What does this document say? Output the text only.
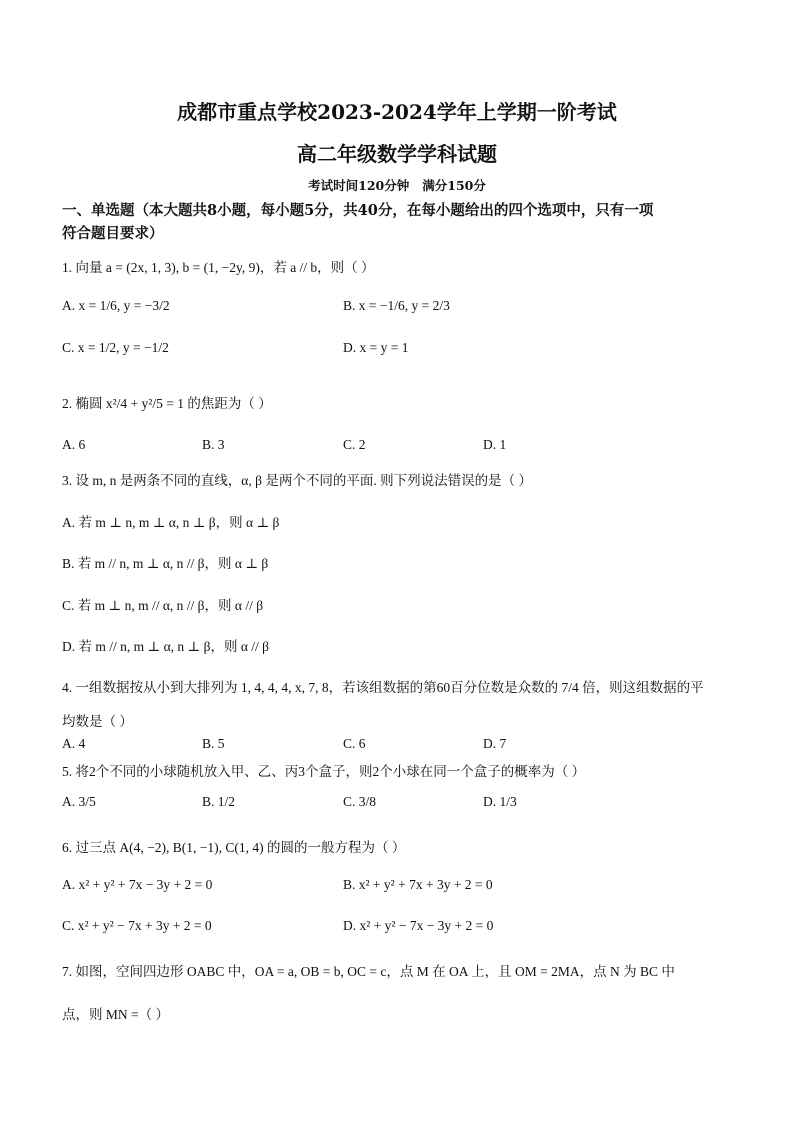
成都市重点学校2023-2024学年上学期一阶考试
高二年级数学学科试题
考试时间120分钟   满分150分
一、单选题（本大题共8小题，每小题5分，共40分，在每小题给出的四个选项中，只有一项
符合题目要求）
1. 向量 a = (2x, 1, 3), b = (1, −2y, 9)，若 a // b，则（ ）
A. x = 1/6, y = −3/2	B. x = −1/6, y = 2/3
C. x = 1/2, y = −1/2	D. x = y = 1
2. 椭圆 x²/4 + y²/5 = 1 的焦距为（ ）
A. 6	B. 3	C. 2	D. 1
3. 设 m, n 是两条不同的直线，α, β 是两个不同的平面. 则下列说法错误的是（ ）
A. 若 m ⊥ n, m ⊥ α, n ⊥ β，则 α ⊥ β
B. 若 m // n, m ⊥ α, n // β，则 α ⊥ β
C. 若 m ⊥ n, m // α, n // β，则 α // β
D. 若 m // n, m ⊥ α, n ⊥ β，则 α // β
4. 一组数据按从小到大排列为 1, 4, 4, 4, x, 7, 8，若该组数据的第60百分位数是众数的 7/4 倍，则这组数据的平
均数是（ ）
A. 4	B. 5	C. 6	D. 7
5. 将2个不同的小球随机放入甲、乙、丙3个盒子，则2个小球在同一个盒子的概率为（ ）
A. 3/5	B. 1/2	C. 3/8	D. 1/3
6. 过三点 A(4, −2), B(1, −1), C(1, 4) 的圆的一般方程为（ ）
A. x² + y² + 7x − 3y + 2 = 0	B. x² + y² + 7x + 3y + 2 = 0
C. x² + y² − 7x + 3y + 2 = 0	D. x² + y² − 7x − 3y + 2 = 0
7. 如图，空间四边形 OABC 中，OA = a, OB = b, OC = c，点 M 在 OA 上，且 OM = 2MA，点 N 为 BC 中
点，则 MN =（ ）
